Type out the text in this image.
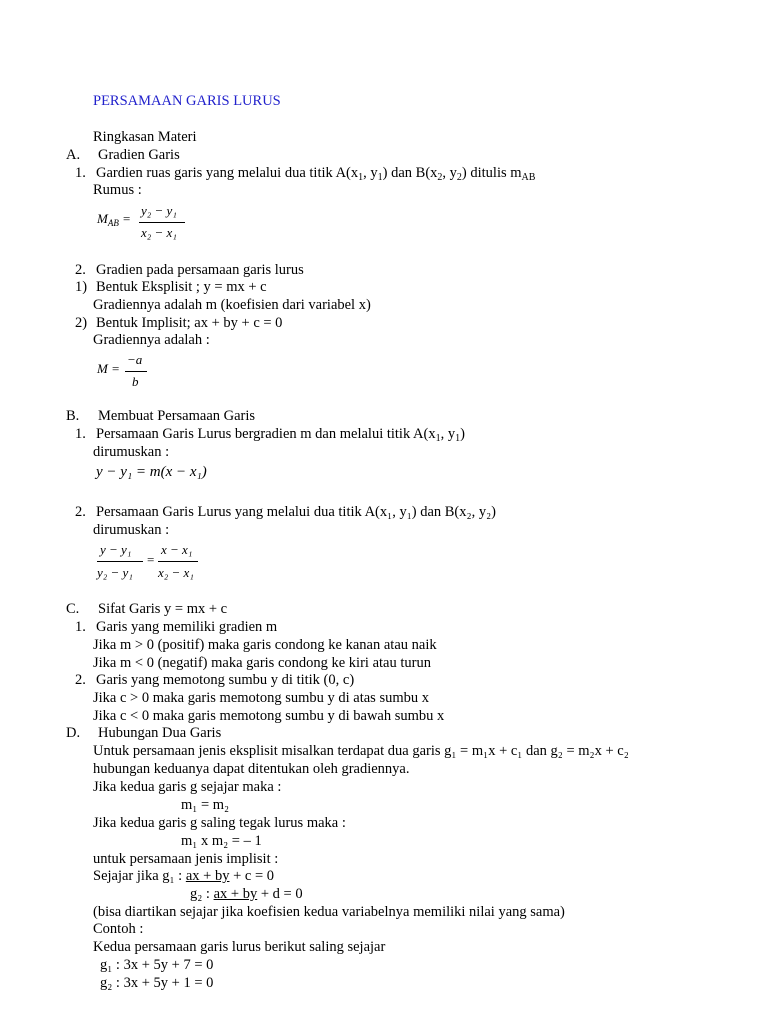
PERSAMAAN GARIS LURUS
Ringkasan Materi
A. Gradien Garis
1. Gardien ruas garis yang melalui dua titik $A(x_1$, $y_1$) dan $B(x_2$, $y_2$) ditulis $m_{AB}$
Rumus :
$M_{AB}$ =
y₂ − y₁
x₂ − x₁
2. Gradien pada persamaan garis lurus
1) Bentuk Eksplisit ; y = mx + c
Gradiennya adalah m (koefisien dari variabel x)
2) Bentuk Implisit; ax + by + c = 0
Gradiennya adalah :
M =
−a
b
B. Membuat Persamaan Garis
1. Persamaan Garis Lurus bergradien m dan melalui titik $A(x_1$, $y_1$)
dirumuskan :
y − y₁ = m(x − x₁)
2. Persamaan Garis Lurus yang melalui dua titik A(x₁, y₁) dan B(x₂, y₂)
dirumuskan :
y − y₁
y₂ − y₁
=
x − x₁
x₂ − x₁
C. Sifat Garis y = mx + c
1. Garis yang memiliki gradien m
Jika m > 0 (positif) maka garis condong ke kanan atau naik
Jika m < 0 (negatif) maka garis condong ke kiri atau turun
2. Garis yang memotong sumbu y di titik (0, c)
Jika c > 0 maka garis memotong sumbu y di atas sumbu x
Jika c < 0 maka garis memotong sumbu y di bawah sumbu x
D. Hubungan Dua Garis
Untuk persamaan jenis eksplisit misalkan terdapat dua garis g₁ = m₁x + c₁ dan g₂ = m₂x + c₂
hubungan keduanya dapat ditentukan oleh gradiennya.
Jika kedua garis g sejajar maka :
m₁ = m₂
Jika kedua garis g saling tegak lurus maka :
m₁ x m₂ = – 1
untuk persamaan jenis implisit :
Sejajar jika g₁ : ax + by + c = 0
g₂ : ax + by + d = 0
(bisa diartikan sejajar jika koefisien kedua variabelnya memiliki nilai yang sama)
Contoh :
Kedua persamaan garis lurus berikut saling sejajar
g₁ : 3x + 5y + 7 = 0
g₂ : 3x + 5y + 1 = 0
